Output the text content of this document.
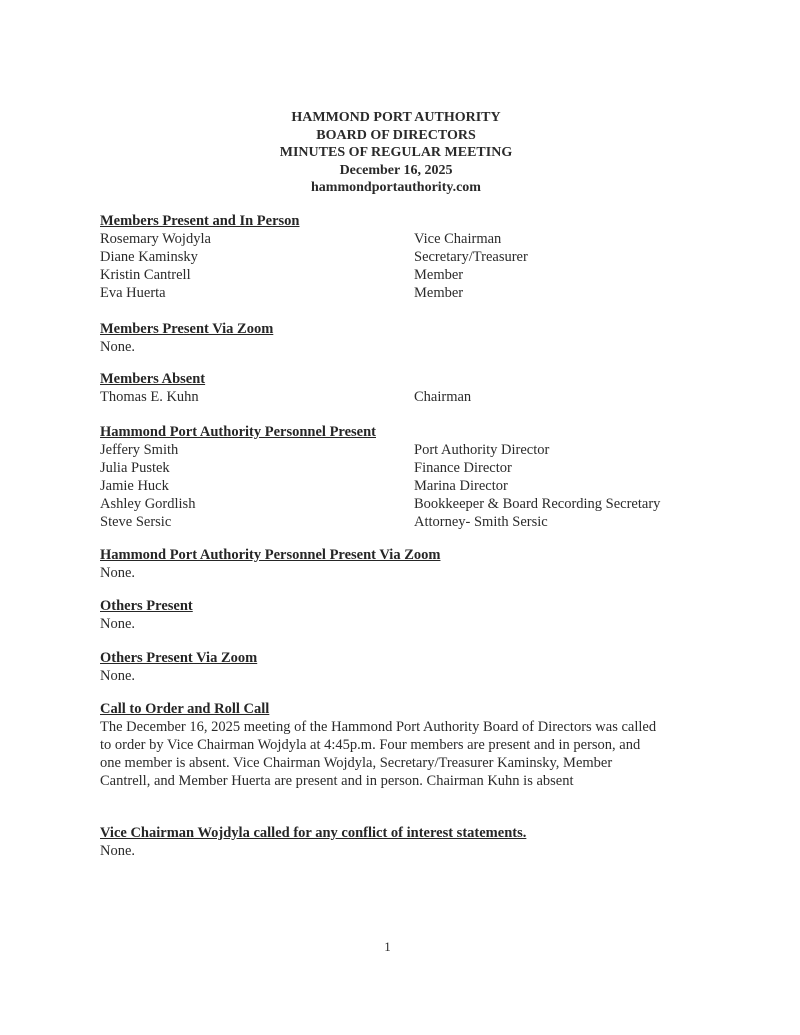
HAMMOND PORT AUTHORITY
BOARD OF DIRECTORS
MINUTES OF REGULAR MEETING
December 16, 2025
hammondportauthority.com
Members Present and In Person
Rosemary Wojdyla	Vice Chairman
Diane Kaminsky	Secretary/Treasurer
Kristin Cantrell	Member
Eva Huerta	Member
Members Present Via Zoom
None.
Members Absent
Thomas E. Kuhn	Chairman
Hammond Port Authority Personnel Present
Jeffery Smith	Port Authority Director
Julia Pustek	Finance Director
Jamie Huck	Marina Director
Ashley Gordlish	Bookkeeper & Board Recording Secretary
Steve Sersic	Attorney- Smith Sersic
Hammond Port Authority Personnel Present Via Zoom
None.
Others Present
None.
Others Present Via Zoom
None.
Call to Order and Roll Call
The December 16, 2025 meeting of the Hammond Port Authority Board of Directors was called
to order by Vice Chairman Wojdyla at 4:45p.m. Four members are present and in person, and
one member is absent. Vice Chairman Wojdyla, Secretary/Treasurer Kaminsky, Member
Cantrell, and Member Huerta are present and in person. Chairman Kuhn is absent
Vice Chairman Wojdyla called for any conflict of interest statements.
None.
1
